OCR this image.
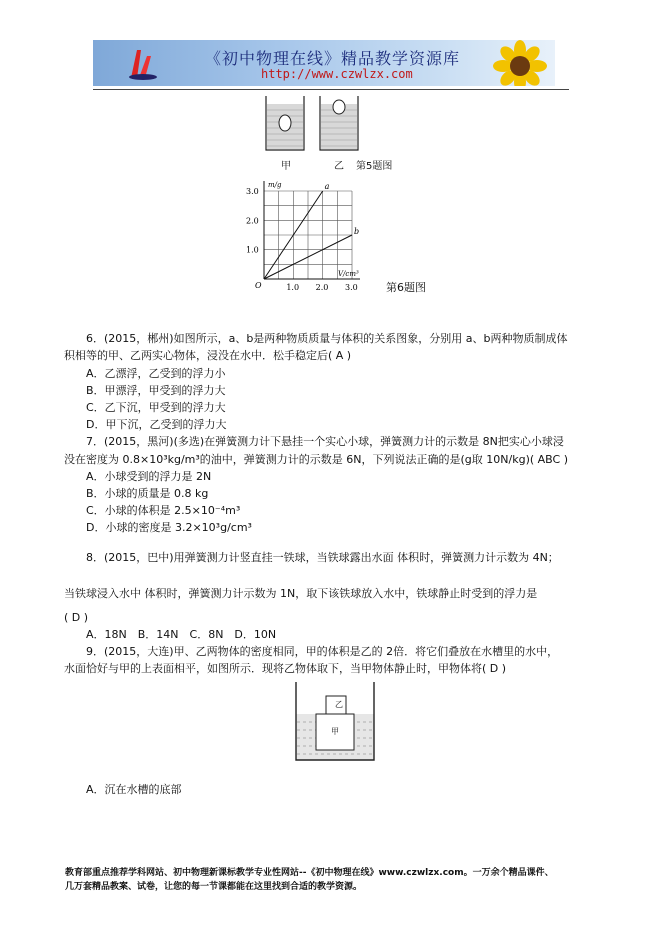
《初中物理在线》精品教学资源库
http://www.czwlzx.com
甲	乙 第5题图
m/g
V/cm³
O
3.0
2.0
1.0
1.0 2.0 3.0
a
b
第6题图
6．(2015，郴州)如图所示，a、b是两种物质质量与体积的关系图象，分别用 a、b两种物质制成体
积相等的甲、乙两实心物体，浸没在水中．松手稳定后( A )
A．乙漂浮，乙受到的浮力小
B．甲漂浮，甲受到的浮力大
C．乙下沉，甲受到的浮力大
D．甲下沉，乙受到的浮力大
7．(2015，黑河)(多选)在弹簧测力计下悬挂一个实心小球，弹簧测力计的示数是 8N把实心小球浸
没在密度为 0.8×10³kg/m³的油中，弹簧测力计的示数是 6N，下列说法正确的是(g取 10N/kg)( ABC )
A．小球受到的浮力是 2N
B．小球的质量是 0.8 kg
C．小球的体积是 2.5×10⁻⁴m³
D．小球的密度是 3.2×10³g/cm³
8．(2015，巴中)用弹簧测力计竖直挂一铁球，当铁球露出水面 体积时，弹簧测力计示数为 4N；
当铁球浸入水中 体积时，弹簧测力计示数为 1N，取下该铁球放入水中，铁球静止时受到的浮力是
( D )
A．18N　B．14N　C．8N　D．10N
9．(2015，大连)甲、乙两物体的密度相同，甲的体积是乙的 2倍．将它们叠放在水槽里的水中，
水面恰好与甲的上表面相平，如图所示．现将乙物体取下，当甲物体静止时，甲物体将( D )
乙
甲
A．沉在水槽的底部
教育部重点推荐学科网站、初中物理新课标教学专业性网站--《初中物理在线》www.czwlzx.com。一万余个精品课件、
几万套精品教案、试卷，让您的每一节课都能在这里找到合适的教学资源。
